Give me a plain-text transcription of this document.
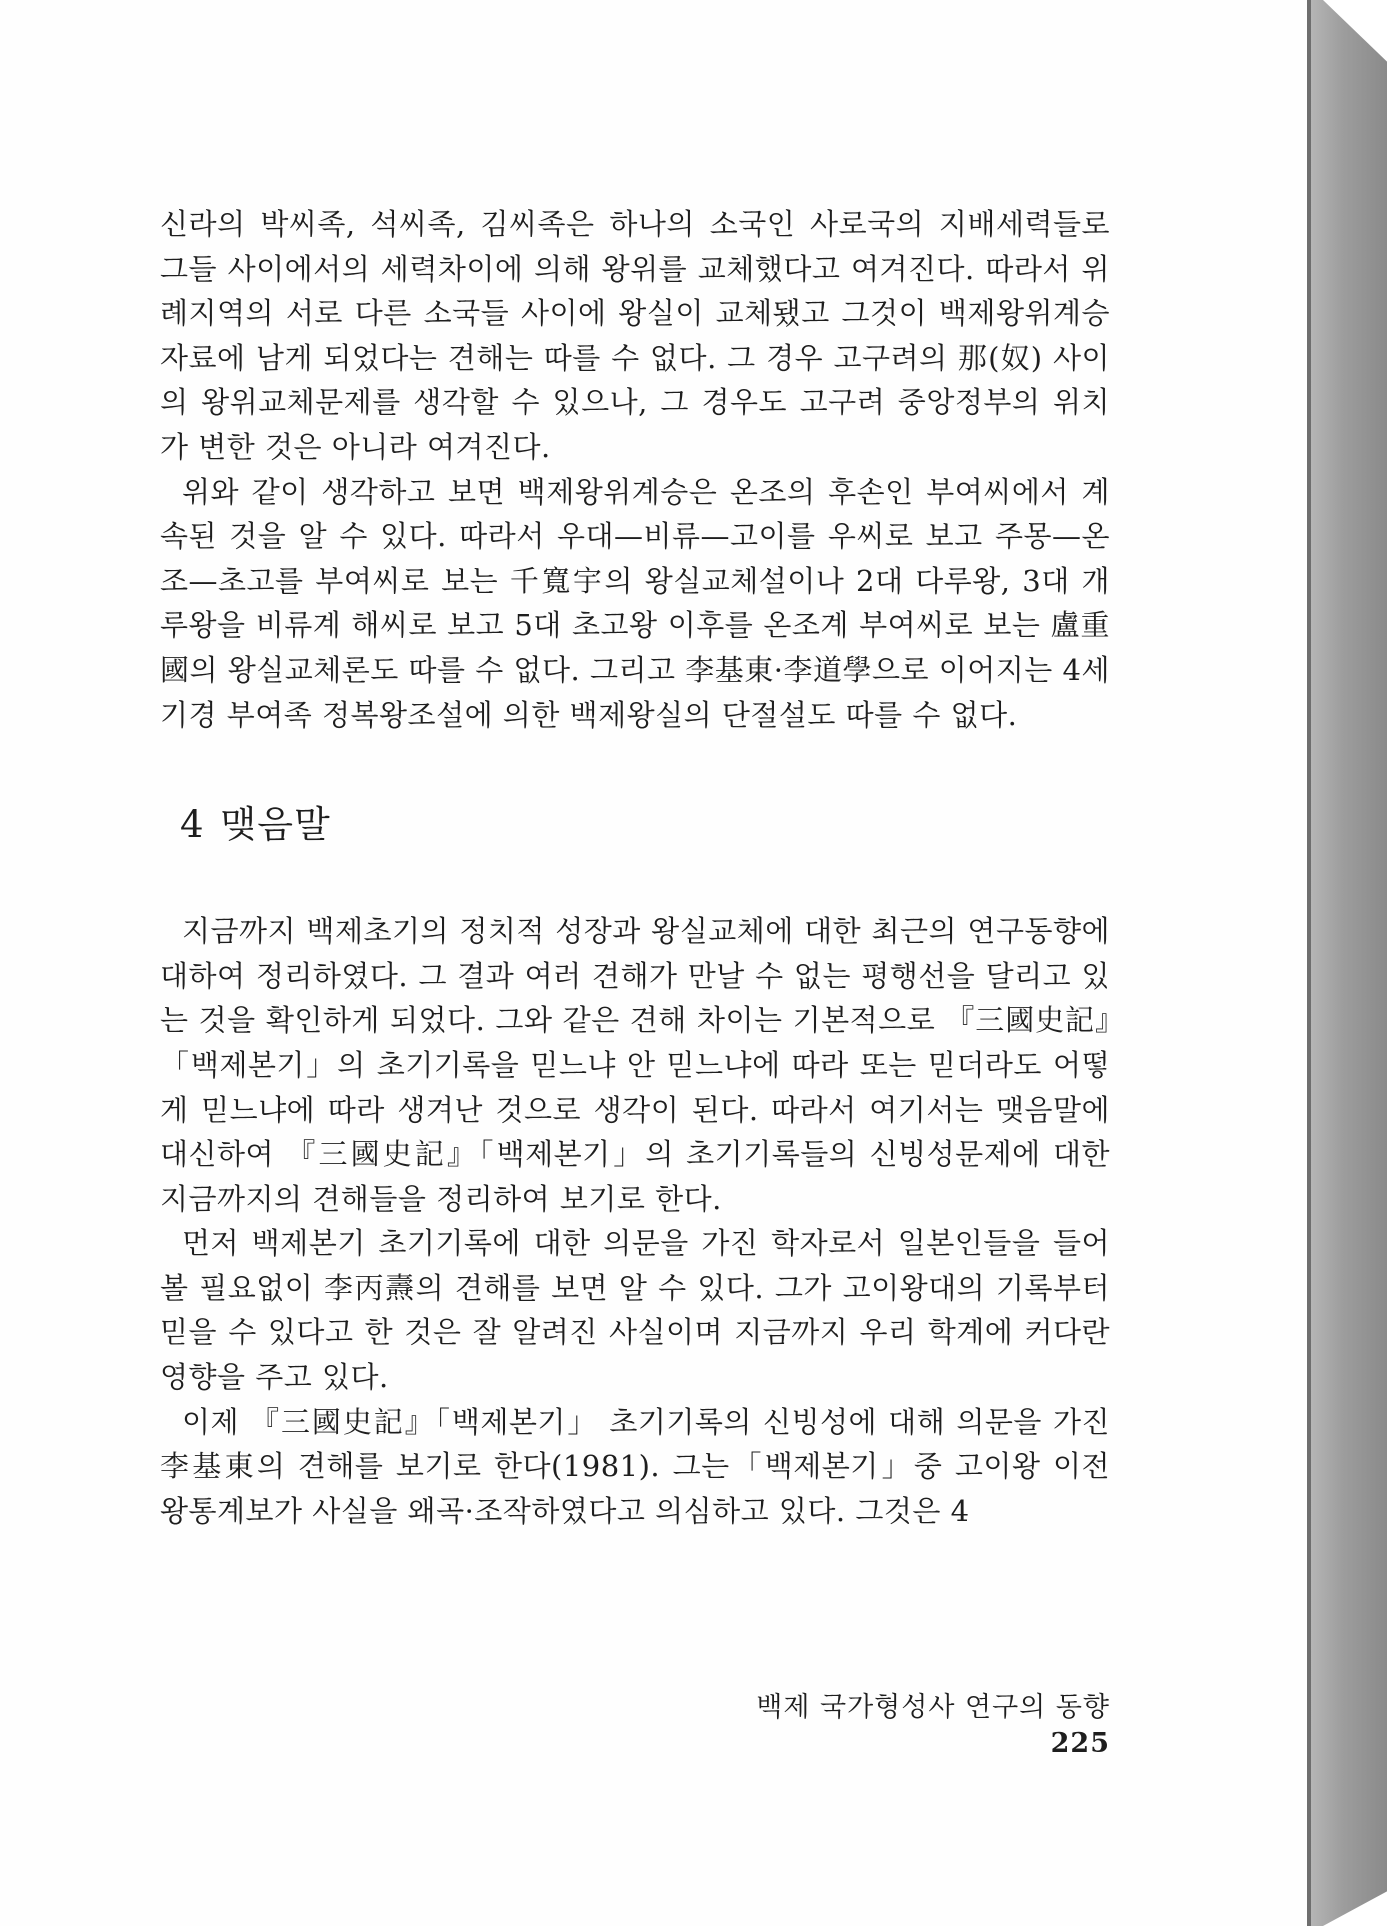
신라의 박씨족, 석씨족, 김씨족은 하나의 소국인 사로국의 지배세력들로 그들 사이에서의 세력차이에 의해 왕위를 교체했다고 여겨진다. 따라서 위례지역의 서로 다른 소국들 사이에 왕실이 교체됐고 그것이 백제왕위계승자료에 남게 되었다는 견해는 따를 수 없다. 그 경우 고구려의 那(奴) 사이의 왕위교체문제를 생각할 수 있으나, 그 경우도 고구려 중앙정부의 위치가 변한 것은 아니라 여겨진다.

위와 같이 생각하고 보면 백제왕위계승은 온조의 후손인 부여씨에서 계속된 것을 알 수 있다. 따라서 우대—비류—고이를 우씨로 보고 주몽—온조—초고를 부여씨로 보는 千寬宇의 왕실교체설이나 2대 다루왕, 3대 개루왕을 비류계 해씨로 보고 5대 초고왕 이후를 온조계 부여씨로 보는 盧重國의 왕실교체론도 따를 수 없다. 그리고 李基東·李道學으로 이어지는 4세기경 부여족 정복왕조설에 의한 백제왕실의 단절설도 따를 수 없다.

4 맺음말

지금까지 백제초기의 정치적 성장과 왕실교체에 대한 최근의 연구동향에 대하여 정리하였다. 그 결과 여러 견해가 만날 수 없는 평행선을 달리고 있는 것을 확인하게 되었다. 그와 같은 견해 차이는 기본적으로 『三國史記』「백제본기」의 초기기록을 믿느냐 안 믿느냐에 따라 또는 믿더라도 어떻게 믿느냐에 따라 생겨난 것으로 생각이 된다. 따라서 여기서는 맺음말에 대신하여 『三國史記』「백제본기」의 초기기록들의 신빙성문제에 대한 지금까지의 견해들을 정리하여 보기로 한다.

먼저 백제본기 초기기록에 대한 의문을 가진 학자로서 일본인들을 들어볼 필요없이 李丙燾의 견해를 보면 알 수 있다. 그가 고이왕대의 기록부터 믿을 수 있다고 한 것은 잘 알려진 사실이며 지금까지 우리 학계에 커다란 영향을 주고 있다.

이제 『三國史記』「백제본기」 초기기록의 신빙성에 대해 의문을 가진 李基東의 견해를 보기로 한다(1981). 그는「백제본기」중 고이왕 이전 왕통계보가 사실을 왜곡·조작하였다고 의심하고 있다. 그것은 4

백제 국가형성사 연구의 동향225
